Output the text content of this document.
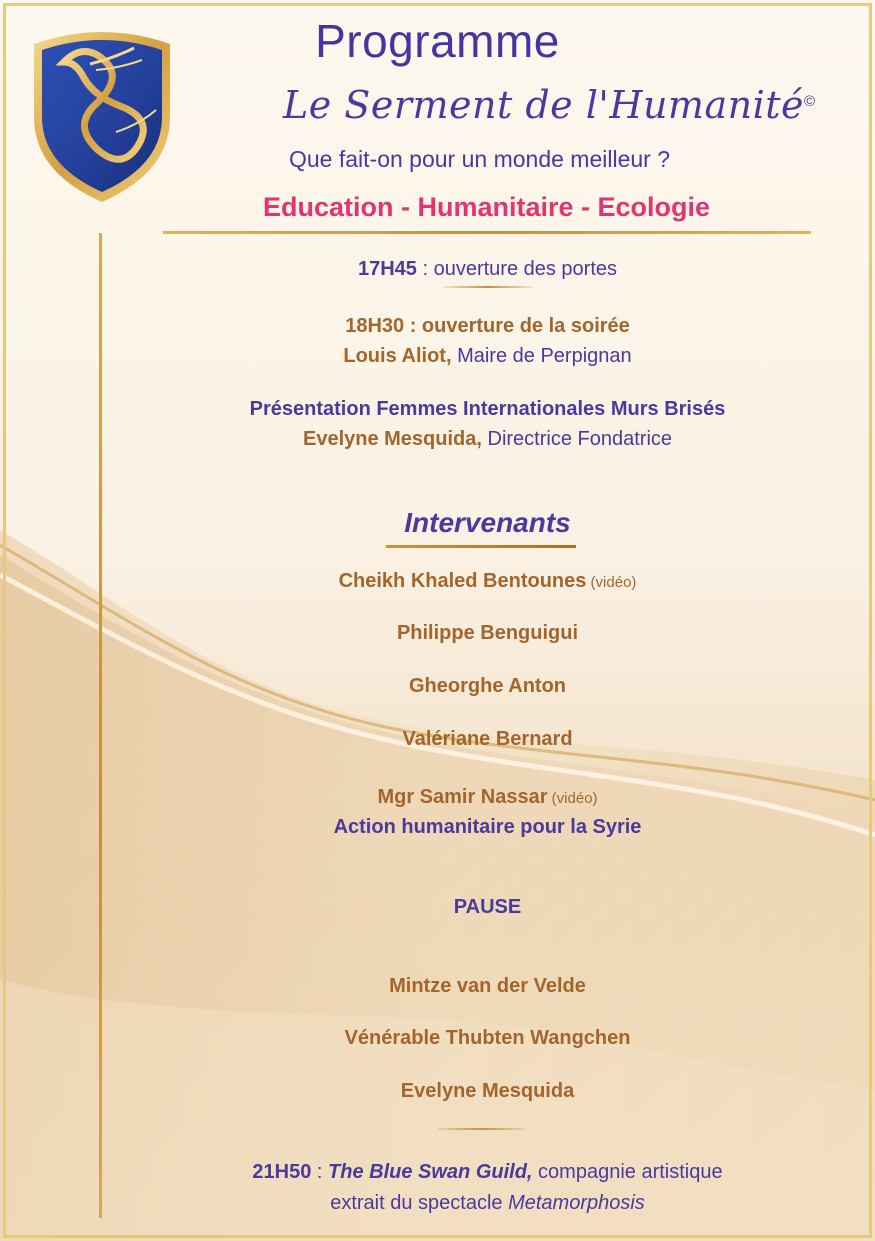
Programme
Le Serment de l'Humanité©
Que fait-on pour un monde meilleur ?
Education - Humanitaire - Ecologie
17H45 : ouverture des portes
18H30 : ouverture de la soirée
Louis Aliot, Maire de Perpignan
Présentation Femmes Internationales Murs Brisés
Evelyne Mesquida, Directrice Fondatrice
Intervenants
Cheikh Khaled Bentounes (vidéo)
Philippe Benguigui
Gheorghe Anton
Valériane Bernard
Mgr Samir Nassar (vidéo)
Action humanitaire pour la Syrie
PAUSE
Mintze van der Velde
Vénérable Thubten Wangchen
Evelyne Mesquida
21H50 : The Blue Swan Guild, compagnie artistique
extrait du spectacle Metamorphosis
